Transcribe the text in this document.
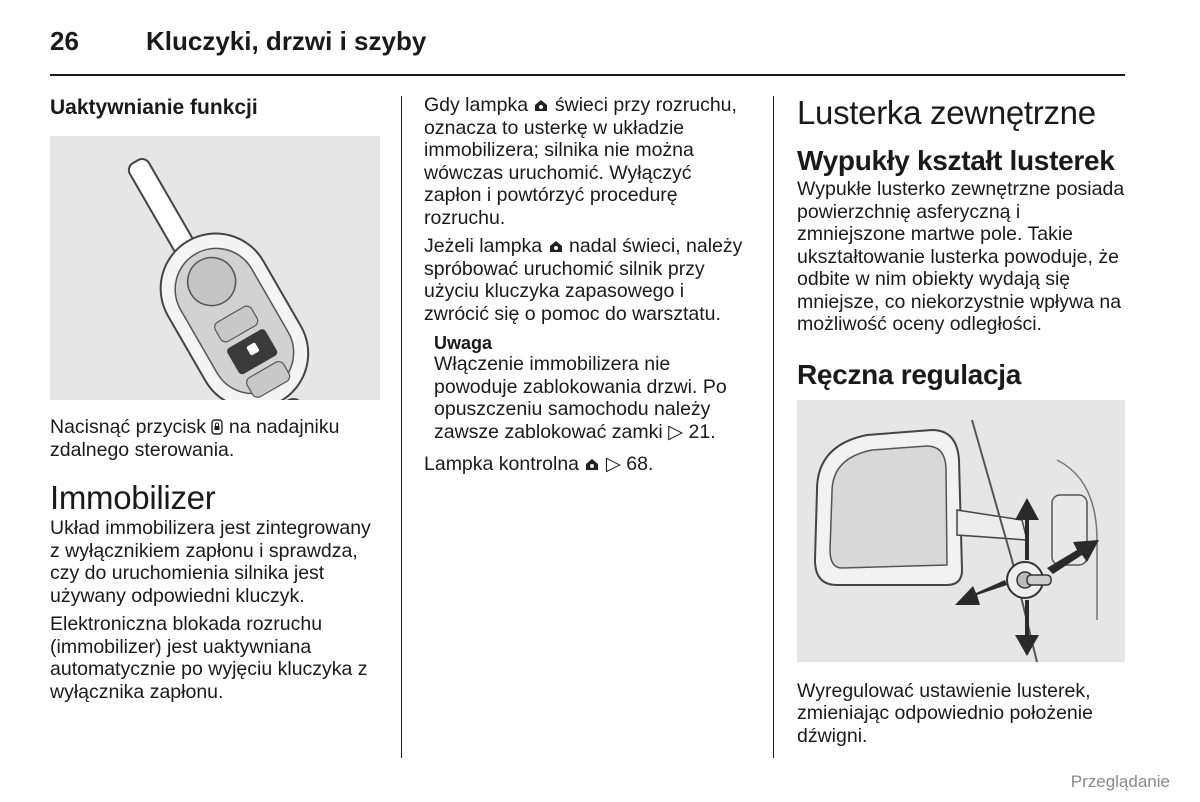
26	Kluczyki, drzwi i szyby
Uaktywnianie funkcji

Nacisnąć przycisk  na nadajniku zdalnego sterowania.

Immobilizer

Układ immobilizera jest zintegrowany z wyłącznikiem zapłonu i sprawdza, czy do uruchomienia silnika jest używany odpowiedni kluczyk.

Elektroniczna blokada rozruchu (immobilizer) jest uaktywniana automatycznie po wyjęciu kluczyka z wyłącznika zapłonu.

Gdy lampka  świeci przy rozruchu, oznacza to usterkę w układzie immobilizera; silnika nie można wówczas uruchomić. Wyłączyć zapłon i powtórzyć procedurę rozruchu.

Jeżeli lampka  nadal świeci, należy spróbować uruchomić silnik przy użyciu kluczyka zapasowego i zwrócić się o pomoc do warsztatu.

Uwaga

Włączenie immobilizera nie powoduje zablokowania drzwi. Po opuszczeniu samochodu należy zawsze zablokować zamki ▷ 21.

Lampka kontrolna  ▷ 68.

Lusterka zewnętrzne
Wypukły kształt lusterek

Wypukłe lusterko zewnętrzne posiada powierzchnię asferyczną i zmniejszone martwe pole. Takie ukształtowanie lusterka powoduje, że odbite w nim obiekty wydają się mniejsze, co niekorzystnie wpływa na możliwość oceny odległości.

Ręczna regulacja

Wyregulować ustawienie lusterek, zmieniając odpowiednio położenie dźwigni.

Przeglądanie
